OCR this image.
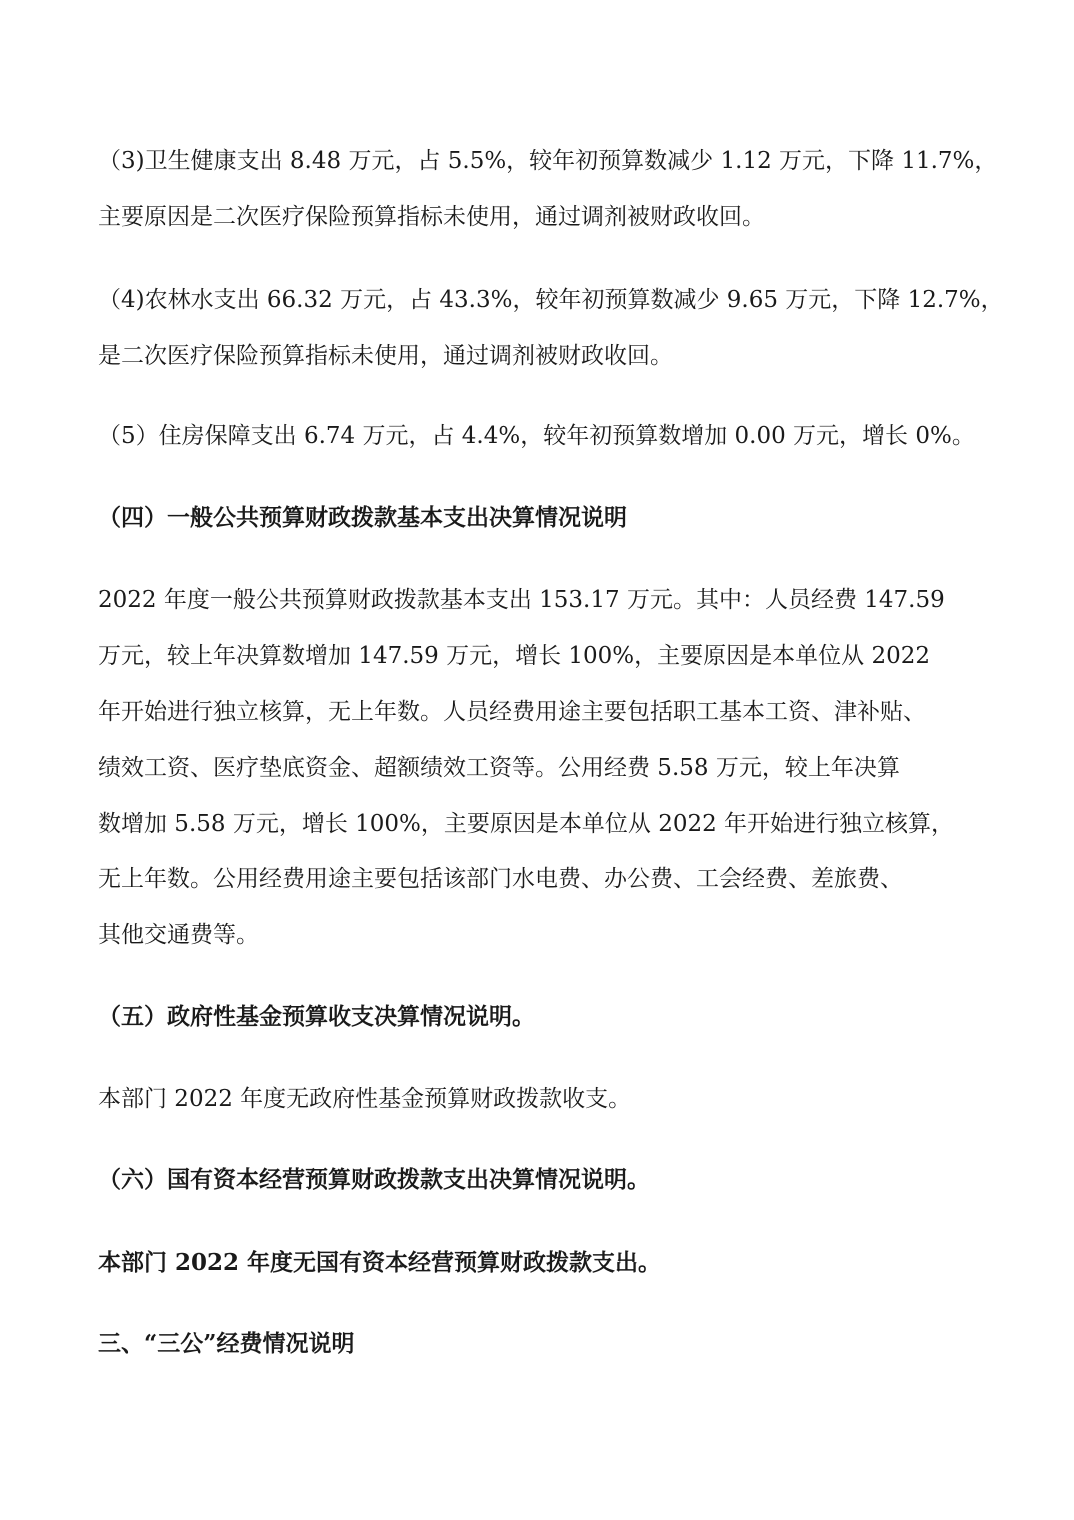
（3)卫生健康支出 8.48 万元，占 5.5%，较年初预算数减少 1.12 万元，下降 11.7%，
主要原因是二次医疗保险预算指标未使用，通过调剂被财政收回。
（4)农林水支出 66.32 万元，占 43.3%，较年初预算数减少 9.65 万元，下降 12.7%，
是二次医疗保险预算指标未使用，通过调剂被财政收回。
（5）住房保障支出 6.74 万元，占 4.4%，较年初预算数增加 0.00 万元，增长 0%。
（四）一般公共预算财政拨款基本支出决算情况说明
2022 年度一般公共预算财政拨款基本支出 153.17 万元。其中：人员经费 147.59
万元，较上年决算数增加 147.59 万元，增长 100%，主要原因是本单位从 2022
年开始进行独立核算，无上年数。人员经费用途主要包括职工基本工资、津补贴、
绩效工资、医疗垫底资金、超额绩效工资等。公用经费 5.58 万元，较上年决算
数增加 5.58 万元，增长 100%，主要原因是本单位从 2022 年开始进行独立核算，
无上年数。公用经费用途主要包括该部门水电费、办公费、工会经费、差旅费、
其他交通费等。
（五）政府性基金预算收支决算情况说明。
本部门 2022 年度无政府性基金预算财政拨款收支。
（六）国有资本经营预算财政拨款支出决算情况说明。
本部门 2022 年度无国有资本经营预算财政拨款支出。
三、“三公”经费情况说明
